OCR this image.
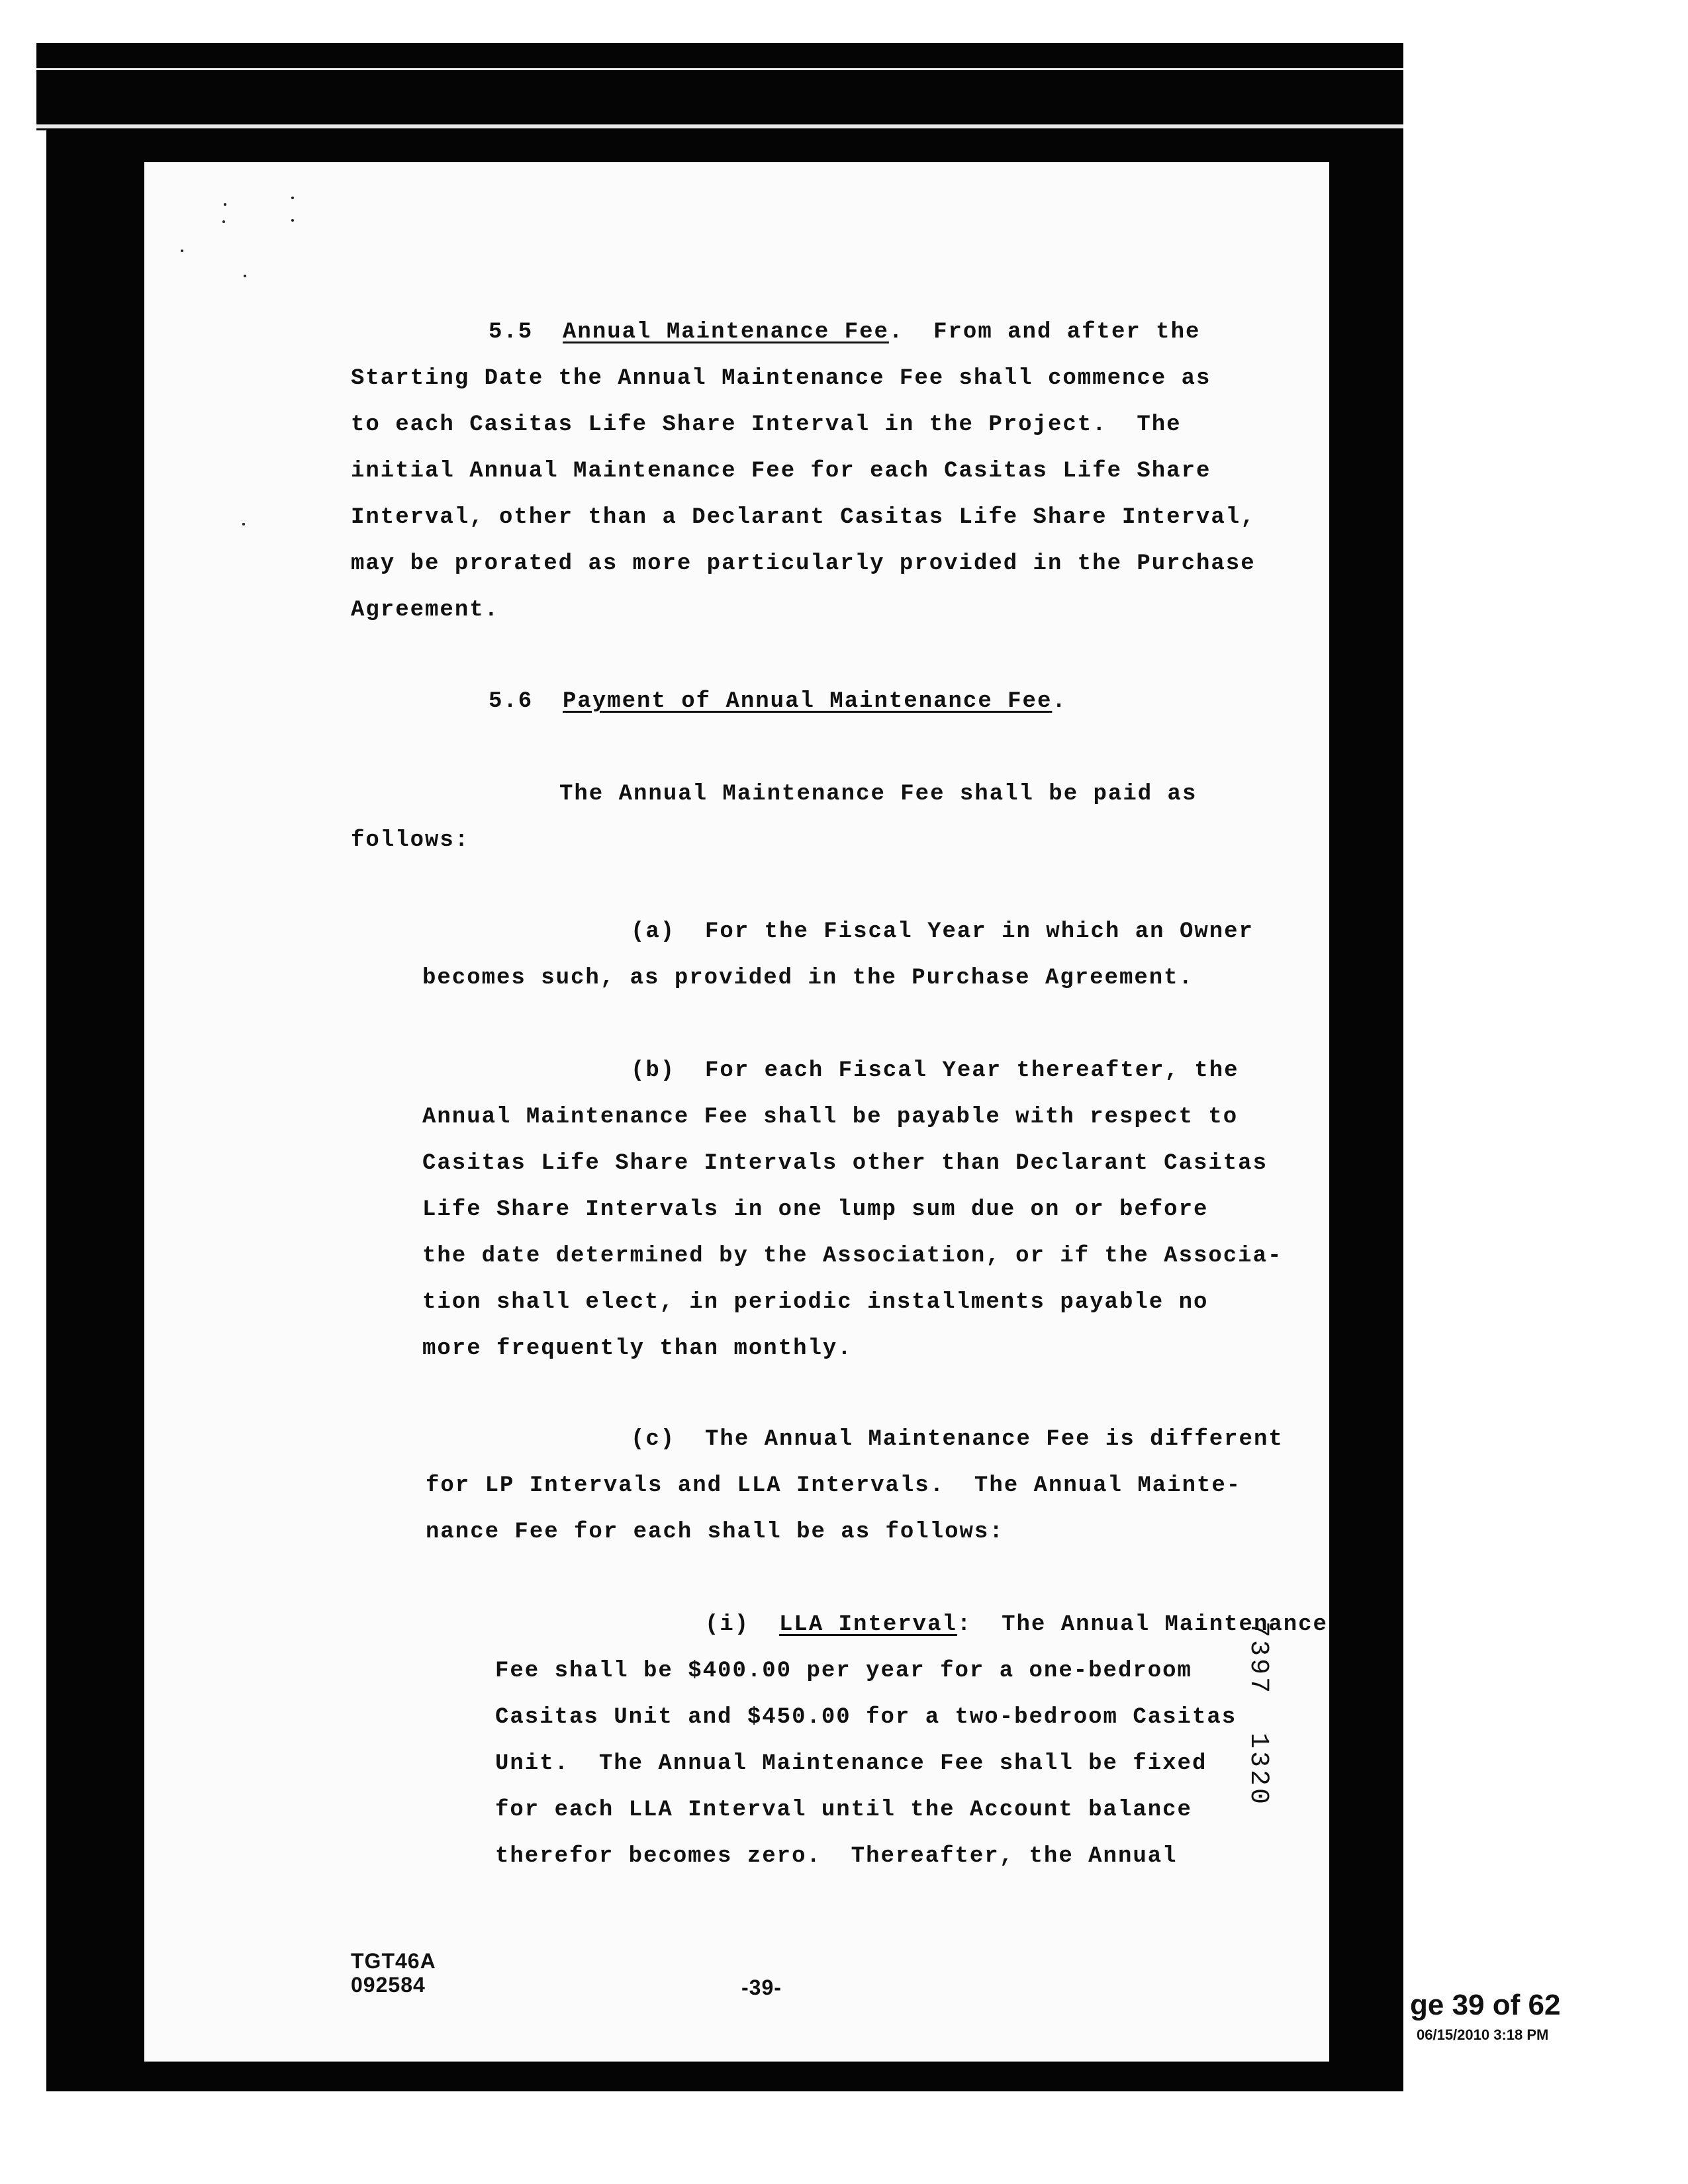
5.5 Annual Maintenance Fee.  From and after the
Starting Date the Annual Maintenance Fee shall commence as
to each Casitas Life Share Interval in the Project.  The
initial Annual Maintenance Fee for each Casitas Life Share
Interval, other than a Declarant Casitas Life Share Interval,
may be prorated as more particularly provided in the Purchase
Agreement.
5.6 Payment of Annual Maintenance Fee.
The Annual Maintenance Fee shall be paid as
follows:
(a) For the Fiscal Year in which an Owner
becomes such, as provided in the Purchase Agreement.
(b) For each Fiscal Year thereafter, the
Annual Maintenance Fee shall be payable with respect to
Casitas Life Share Intervals other than Declarant Casitas
Life Share Intervals in one lump sum due on or before
the date determined by the Association, or if the Associa-
tion shall elect, in periodic installments payable no
more frequently than monthly.
(c) The Annual Maintenance Fee is different
for LP Intervals and LLA Intervals.  The Annual Mainte-
nance Fee for each shall be as follows:
(i) LLA Interval:  The Annual Maintenance
Fee shall be $400.00 per year for a one-bedroom
Casitas Unit and $450.00 for a two-bedroom Casitas
Unit.  The Annual Maintenance Fee shall be fixed
for each LLA Interval until the Account balance
therefor becomes zero.  Thereafter, the Annual
7397  1320
TGT46A
092584	-39-
ge 39 of 62
06/15/2010 3:18 PM
